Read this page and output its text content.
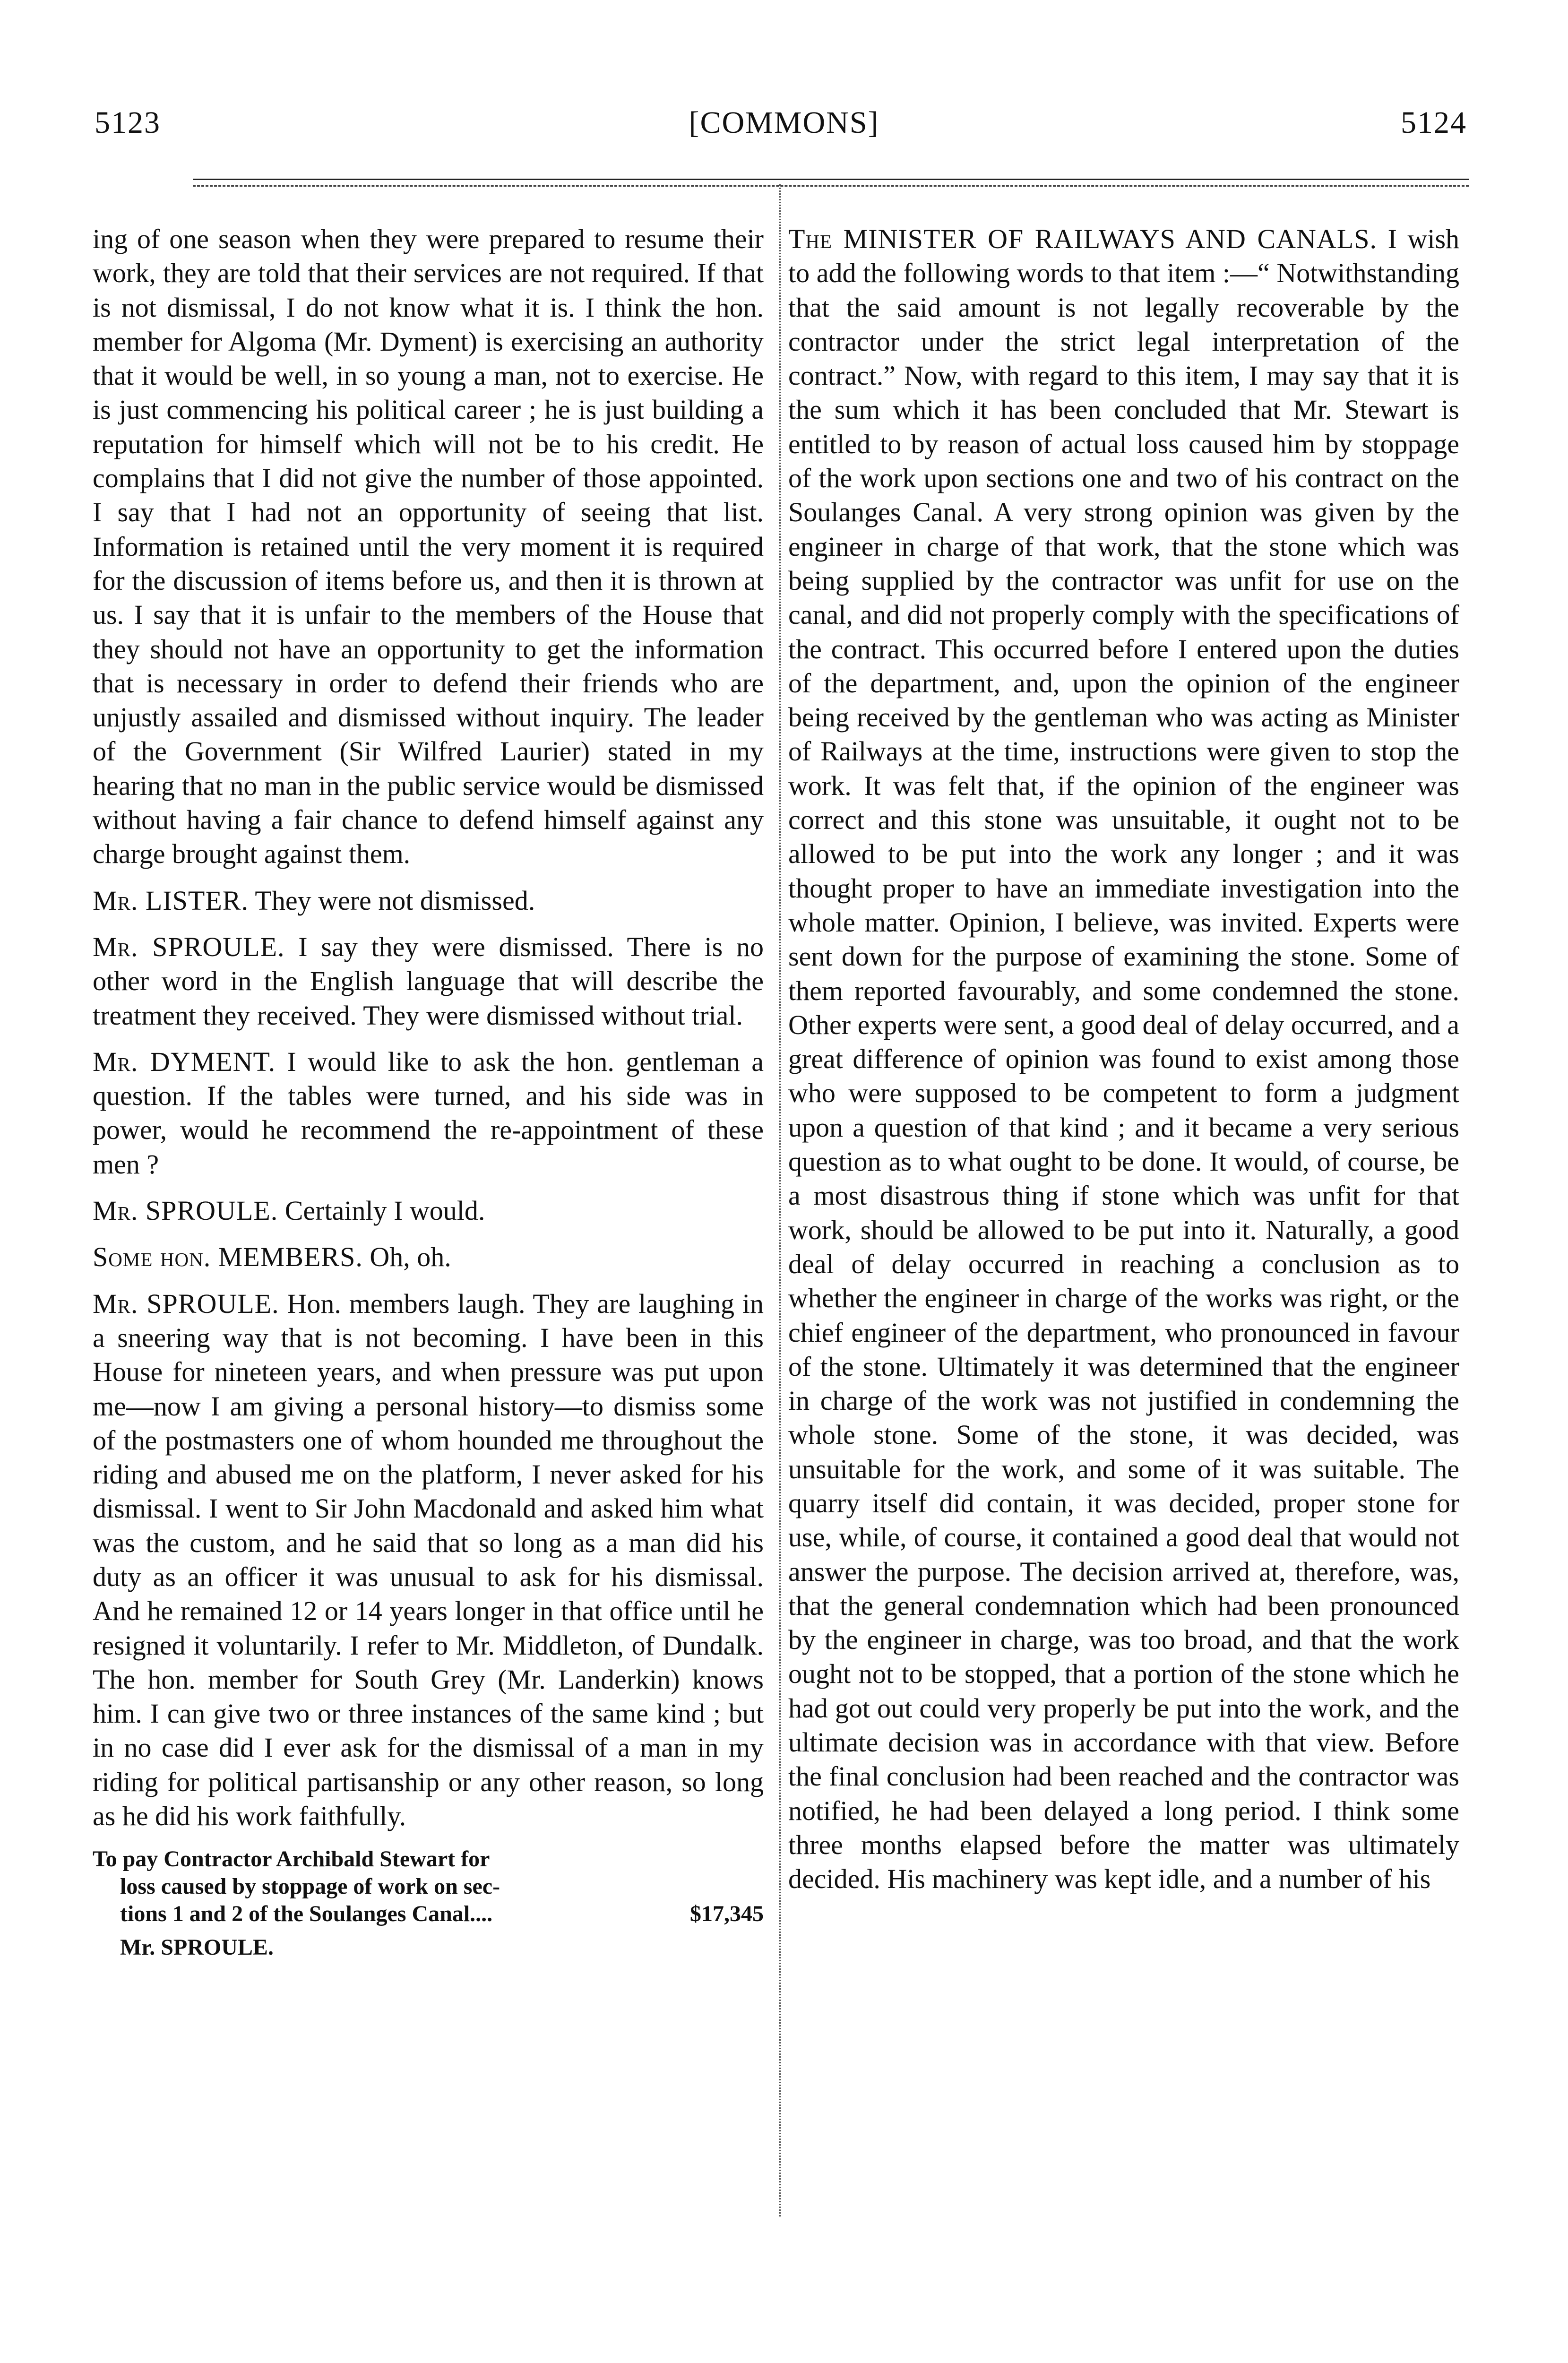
5123	[COMMONS]	5124

ing of one season when they were prepared to resume their work, they are told that their services are not required. If that is not dismissal, I do not know what it is. I think the hon. member for Algoma (Mr. Dyment) is exercising an authority that it would be well, in so young a man, not to exercise. He is just commencing his political career ; he is just building a reputation for himself which will not be to his credit. He complains that I did not give the number of those appointed. I say that I had not an opportunity of seeing that list. Information is retained until the very moment it is required for the discussion of items before us, and then it is thrown at us. I say that it is unfair to the members of the House that they should not have an opportunity to get the information that is necessary in order to defend their friends who are unjustly assailed and dismissed without inquiry. The leader of the Government (Sir Wilfred Laurier) stated in my hearing that no man in the public service would be dismissed without having a fair chance to defend himself against any charge brought against them.

Mr. LISTER. They were not dismissed.

Mr. SPROULE. I say they were dismissed. There is no other word in the English language that will describe the treatment they received. They were dismissed without trial.

Mr. DYMENT. I would like to ask the hon. gentleman a question. If the tables were turned, and his side was in power, would he recommend the re-appointment of these men ?

Mr. SPROULE. Certainly I would.

Some hon. MEMBERS. Oh, oh.

Mr. SPROULE. Hon. members laugh. They are laughing in a sneering way that is not becoming. I have been in this House for nineteen years, and when pressure was put upon me—now I am giving a personal history—to dismiss some of the postmasters one of whom hounded me throughout the riding and abused me on the platform, I never asked for his dismissal. I went to Sir John Macdonald and asked him what was the custom, and he said that so long as a man did his duty as an officer it was unusual to ask for his dismissal. And he remained 12 or 14 years longer in that office until he resigned it voluntarily. I refer to Mr. Middleton, of Dundalk. The hon. member for South Grey (Mr. Landerkin) knows him. I can give two or three instances of the same kind ; but in no case did I ever ask for the dismissal of a man in my riding for political partisanship or any other reason, so long as he did his work faithfully.

To pay Contractor Archibald Stewart for
loss caused by stoppage of work on sec-
tions 1 and 2 of the Soulanges Canal....	$17,345

Mr. SPROULE.

The MINISTER OF RAILWAYS AND CANALS. I wish to add the following words to that item :—“ Notwithstanding that the said amount is not legally recoverable by the contractor under the strict legal interpretation of the contract.” Now, with regard to this item, I may say that it is the sum which it has been concluded that Mr. Stewart is entitled to by reason of actual loss caused him by stoppage of the work upon sections one and two of his contract on the Soulanges Canal. A very strong opinion was given by the engineer in charge of that work, that the stone which was being supplied by the contractor was unfit for use on the canal, and did not properly comply with the specifications of the contract. This occurred before I entered upon the duties of the department, and, upon the opinion of the engineer being received by the gentleman who was acting as Minister of Railways at the time, instructions were given to stop the work. It was felt that, if the opinion of the engineer was correct and this stone was unsuitable, it ought not to be allowed to be put into the work any longer ; and it was thought proper to have an immediate investigation into the whole matter. Opinion, I believe, was invited. Experts were sent down for the purpose of examining the stone. Some of them reported favourably, and some condemned the stone. Other experts were sent, a good deal of delay occurred, and a great difference of opinion was found to exist among those who were supposed to be competent to form a judgment upon a question of that kind ; and it became a very serious question as to what ought to be done. It would, of course, be a most disastrous thing if stone which was unfit for that work, should be allowed to be put into it. Naturally, a good deal of delay occurred in reaching a conclusion as to whether the engineer in charge of the works was right, or the chief engineer of the department, who pronounced in favour of the stone. Ultimately it was determined that the engineer in charge of the work was not justified in condemning the whole stone. Some of the stone, it was decided, was unsuitable for the work, and some of it was suitable. The quarry itself did contain, it was decided, proper stone for use, while, of course, it contained a good deal that would not answer the purpose. The decision arrived at, therefore, was, that the general condemnation which had been pronounced by the engineer in charge, was too broad, and that the work ought not to be stopped, that a portion of the stone which he had got out could very properly be put into the work, and the ultimate decision was in accordance with that view. Before the final conclusion had been reached and the contractor was notified, he had been delayed a long period. I think some three months elapsed before the matter was ultimately decided. His machinery was kept idle, and a number of his
